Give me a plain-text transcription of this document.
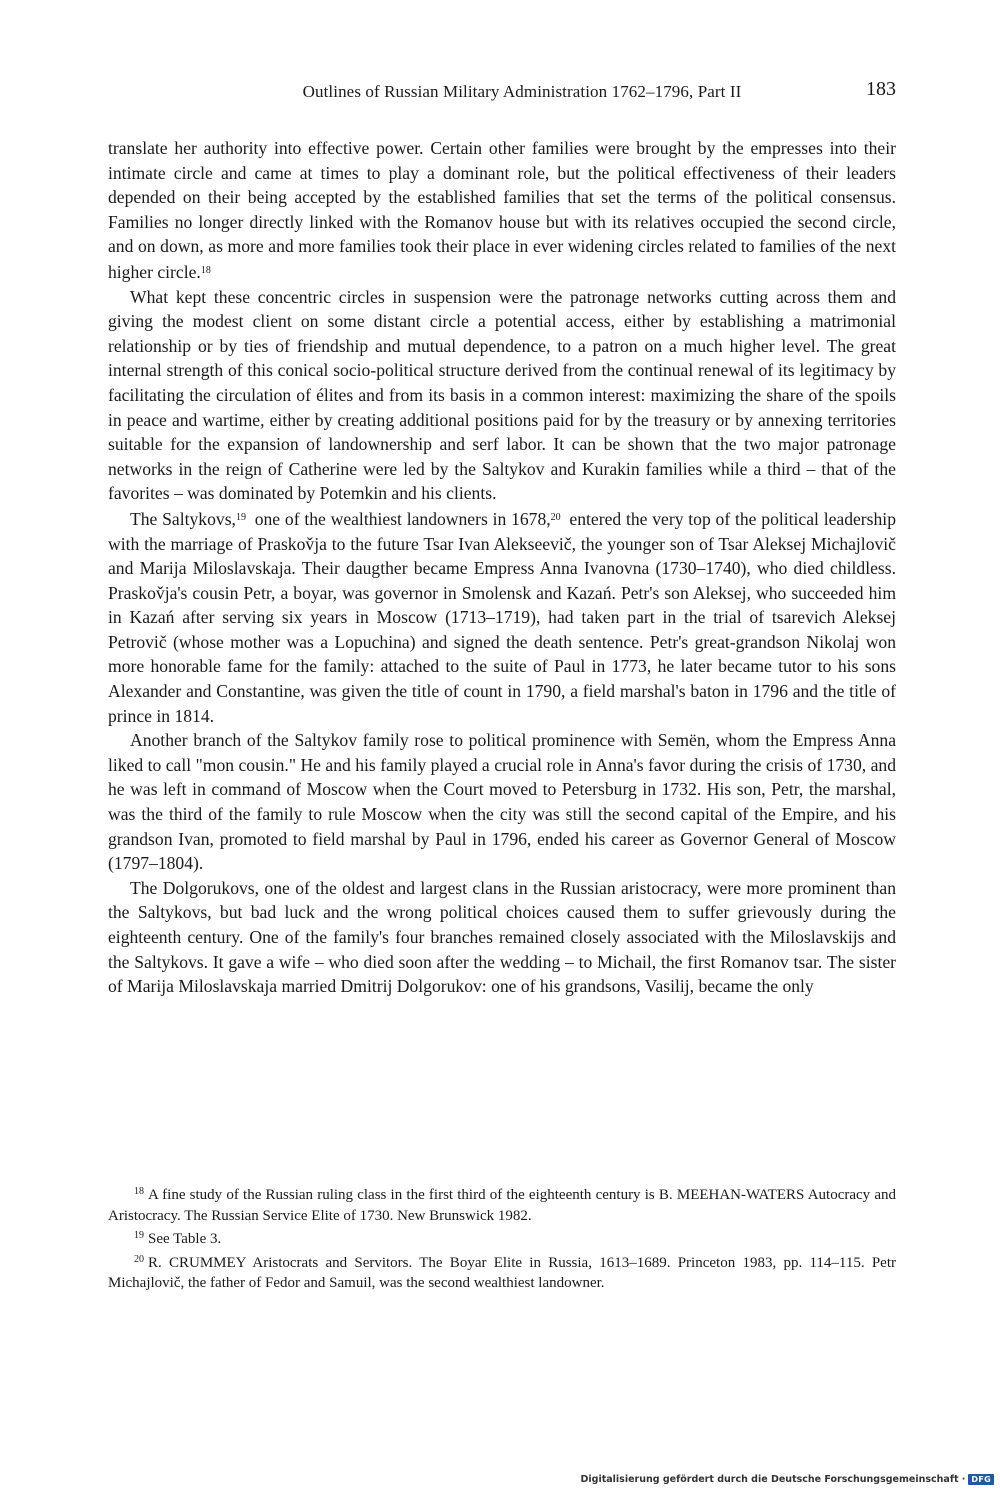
Outlines of Russian Military Administration 1762–1796, Part II	183

translate her authority into effective power. Certain other families were brought by the empresses into their intimate circle and came at times to play a dominant role, but the political effectiveness of their leaders depended on their being accepted by the established families that set the terms of the political consensus. Families no longer directly linked with the Romanov house but with its relatives occupied the second circle, and on down, as more and more families took their place in ever widening circles related to families of the next higher circle.$^{18}$

What kept these concentric circles in suspension were the patronage networks cutting across them and giving the modest client on some distant circle a potential access, either by establishing a matrimonial relationship or by ties of friendship and mutual dependence, to a patron on a much higher level. The great internal strength of this conical socio-political structure derived from the continual renewal of its legitimacy by facilitating the circulation of élites and from its basis in a common interest: maximizing the share of the spoils in peace and wartime, either by creating additional positions paid for by the treasury or by annexing territories suitable for the expansion of landownership and serf labor. It can be shown that the two major patronage networks in the reign of Catherine were led by the Saltykov and Kurakin families while a third – that of the favorites – was dominated by Potemkin and his clients.

The Saltykovs,$^{19}$ one of the wealthiest landowners in 1678,20 entered the very top of the political leadership with the marriage of Praskov̌ja to the future Tsar Ivan Alekseevič, the younger son of Tsar Aleksej Michajlovič and Marija Miloslavskaja. Their daugther became Empress Anna Ivanovna (1730–1740), who died childless. Praskov̌ja's cousin Petr, a boyar, was governor in Smolensk and Kazań. Petr's son Aleksej, who succeeded him in Kazań after serving six years in Moscow (1713–1719), had taken part in the trial of tsarevich Aleksej Petrovič (whose mother was a Lopuchina) and signed the death sentence. Petr's great-grandson Nikolaj won more honorable fame for the family: attached to the suite of Paul in 1773, he later became tutor to his sons Alexander and Constantine, was given the title of count in 1790, a field marshal's baton in 1796 and the title of prince in 1814.

Another branch of the Saltykov family rose to political prominence with Semën, whom the Empress Anna liked to call "mon cousin." He and his family played a crucial role in Anna's favor during the crisis of 1730, and he was left in command of Moscow when the Court moved to Petersburg in 1732. His son, Petr, the marshal, was the third of the family to rule Moscow when the city was still the second capital of the Empire, and his grandson Ivan, promoted to field marshal by Paul in 1796, ended his career as Governor General of Moscow (1797–1804).

The Dolgorukovs, one of the oldest and largest clans in the Russian aristocracy, were more prominent than the Saltykovs, but bad luck and the wrong political choices caused them to suffer grievously during the eighteenth century. One of the family's four branches remained closely associated with the Miloslavskijs and the Saltykovs. It gave a wife – who died soon after the wedding – to Michail, the first Romanov tsar. The sister of Marija Miloslavskaja married Dmitrij Dolgorukov: one of his grandsons, Vasilij, became the only

$^{18}$ A fine study of the Russian ruling class in the first third of the eighteenth century is B. MEEHAN-WATERS Autocracy and Aristocracy. The Russian Service Elite of 1730. New Brunswick 1982.

$^{19}$ See Table 3.

$^{20}$ R. CRUMMEY Aristocrats and Servitors. The Boyar Elite in Russia, 1613–1689. Princeton 1983, pp. 114–115. Petr Michajlovič, the father of Fedor and Samuil, was the second wealthiest landowner.

Digitalisierung gefördert durch die Deutsche Forschungsgemeinschaft · DFG
